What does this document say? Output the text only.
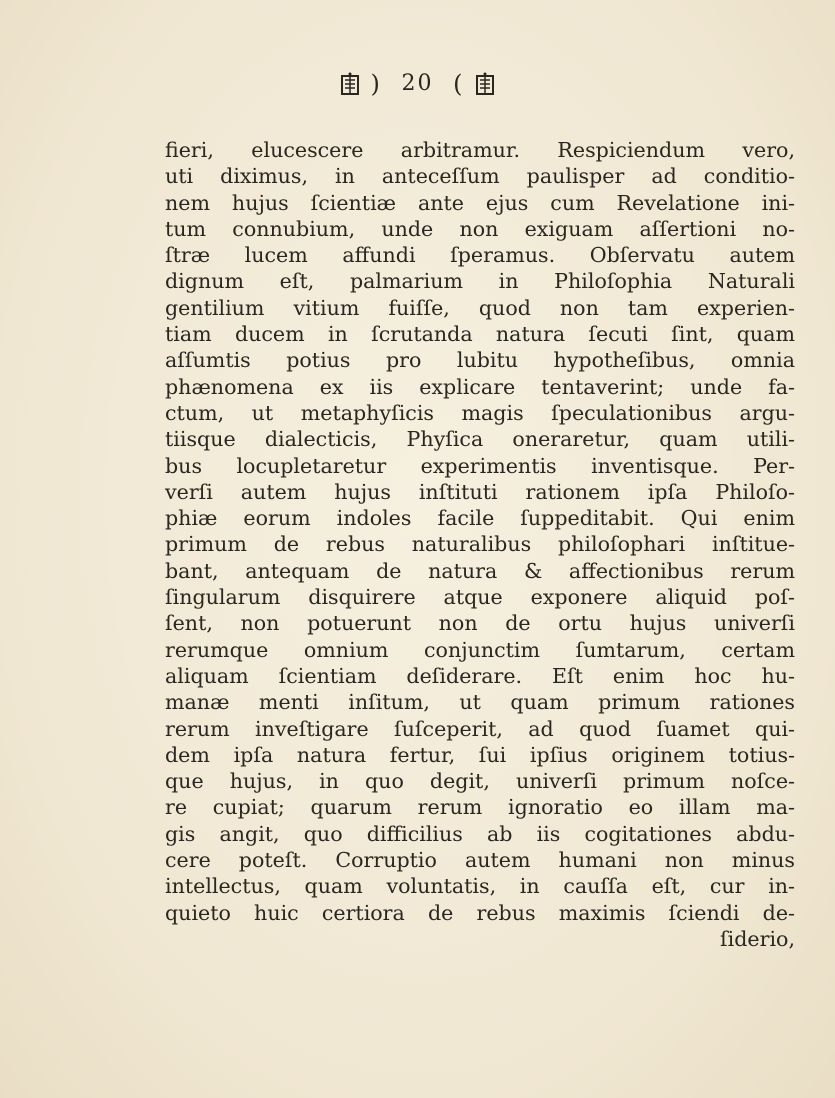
) 20 (
fieri, elucescere arbitramur. Respiciendum vero,
uti diximus, in anteceſſum paulisper ad conditio-
nem hujus ſcientiæ ante ejus cum Revelatione ini-
tum connubium, unde non exiguam aſſertioni no-
ſtræ lucem affundi ſperamus. Obſervatu autem
dignum eſt, palmarium in Philoſophia Naturali
gentilium vitium fuiſſe, quod non tam experien-
tiam ducem in ſcrutanda natura ſecuti ſint, quam
aſſumtis potius pro lubitu hypotheſibus, omnia
phænomena ex iis explicare tentaverint; unde fa-
ctum, ut metaphyſicis magis ſpeculationibus argu-
tiisque dialecticis, Phyſica oneraretur, quam utili-
bus locupletaretur experimentis inventisque. Per-
verſi autem hujus inſtituti rationem ipſa Philoſo-
phiæ eorum indoles facile ſuppeditabit. Qui enim
primum de rebus naturalibus philoſophari inſtitue-
bant, antequam de natura & affectionibus rerum
ſingularum disquirere atque exponere aliquid poſ-
ſent, non potuerunt non de ortu hujus univerſi
rerumque omnium conjunctim ſumtarum, certam
aliquam ſcientiam deſiderare. Eſt enim hoc hu-
manæ menti inſitum, ut quam primum rationes
rerum inveſtigare ſuſceperit, ad quod ſuamet qui-
dem ipſa natura fertur, ſui ipſius originem totius-
que hujus, in quo degit, univerſi primum noſce-
re cupiat; quarum rerum ignoratio eo illam ma-
gis angit, quo difficilius ab iis cogitationes abdu-
cere poteſt. Corruptio autem humani non minus
intellectus, quam voluntatis, in cauſſa eſt, cur in-
quieto huic certiora de rebus maximis ſciendi de-
ſiderio,
